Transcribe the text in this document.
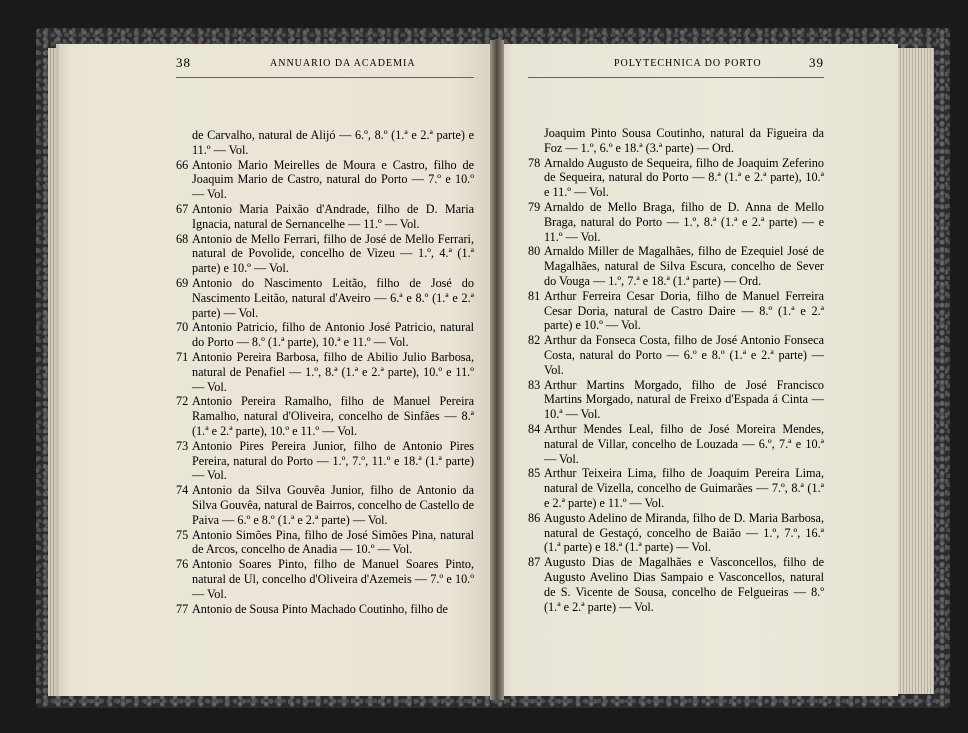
38	ANNUARIO DA ACADEMIA	POLYTECHNICA DO PORTO	39

de Carvalho, natural de Alijó — 6.º, 8.º (1.ª e 2.ª parte) e 11.º — Vol.

66 Antonio Mario Meirelles de Moura e Castro, filho de Joaquim Mario de Castro, natural do Porto — 7.º e 10.º — Vol.

67 Antonio Maria Paixão d'Andrade, filho de D. Maria Ignacia, natural de Sernancelhe — 11.º — Vol.

68 Antonio de Mello Ferrari, filho de José de Mello Ferrari, natural de Povolide, concelho de Vizeu — 1.º, 4.ª (1.ª parte) e 10.º — Vol.

69 Antonio do Nascimento Leitão, filho de José do Nascimento Leitão, natural d'Aveiro — 6.ª e 8.º (1.ª e 2.ª parte) — Vol.

70 Antonio Patricio, filho de Antonio José Patricio, natural do Porto — 8.º (1.ª parte), 10.ª e 11.º — Vol.

71 Antonio Pereira Barbosa, filho de Abilio Julio Barbosa, natural de Penafiel — 1.º, 8.ª (1.ª e 2.ª parte), 10.º e 11.º — Vol.

72 Antonio Pereira Ramalho, filho de Manuel Pereira Ramalho, natural d'Oliveira, concelho de Sinfães — 8.ª (1.ª e 2.ª parte), 10.º e 11.º — Vol.

73 Antonio Pires Pereira Junior, filho de Antonio Pires Pereira, natural do Porto — 1.º, 7.º, 11.º e 18.ª (1.ª parte) — Vol.

74 Antonio da Silva Gouvêa Junior, filho de Antonio da Silva Gouvêa, natural de Bairros, concelho de Castello de Paiva — 6.º e 8.º (1.ª e 2.ª parte) — Vol.

75 Antonio Simões Pina, filho de José Simões Pina, natural de Arcos, concelho de Anadia — 10.º — Vol.

76 Antonio Soares Pinto, filho de Manuel Soares Pinto, natural de Ul, concelho d'Oliveira d'Azemeis — 7.º e 10.º — Vol.

77 Antonio de Sousa Pinto Machado Coutinho, filho de

Joaquim Pinto Sousa Coutinho, natural da Figueira da Foz — 1.º, 6.º e 18.ª (3.ª parte) — Ord.

78 Arnaldo Augusto de Sequeira, filho de Joaquim Zeferino de Sequeira, natural do Porto — 8.ª (1.ª e 2.ª parte), 10.ª e 11.º — Vol.

79 Arnaldo de Mello Braga, filho de D. Anna de Mello Braga, natural do Porto — 1.º, 8.ª (1.ª e 2.ª parte) — e 11.º — Vol.

80 Arnaldo Miller de Magalhães, filho de Ezequiel José de Magalhães, natural de Silva Escura, concelho de Sever do Vouga — 1.º, 7.ª e 18.ª (1.ª parte) — Ord.

81 Arthur Ferreira Cesar Doria, filho de Manuel Ferreira Cesar Doria, natural de Castro Daire — 8.º (1.ª e 2.ª parte) e 10.º — Vol.

82 Arthur da Fonseca Costa, filho de José Antonio Fonseca Costa, natural do Porto — 6.º e 8.º (1.ª e 2.ª parte) — Vol.

83 Arthur Martins Morgado, filho de José Francisco Martins Morgado, natural de Freixo d'Espada á Cinta — 10.ª — Vol.

84 Arthur Mendes Leal, filho de José Moreira Mendes, natural de Villar, concelho de Louzada — 6.º, 7.ª e 10.ª — Vol.

85 Arthur Teixeira Lima, filho de Joaquim Pereira Lima, natural de Vizella, concelho de Guimarães — 7.º, 8.ª (1.ª e 2.ª parte) e 11.º — Vol.

86 Augusto Adelino de Miranda, filho de D. Maria Barbosa, natural de Gestaçó, concelho de Baião — 1.º, 7.º, 16.ª (1.ª parte) e 18.ª (1.ª parte) — Vol.

87 Augusto Dias de Magalhães e Vasconcellos, filho de Augusto Avelino Dias Sampaio e Vasconcellos, natural de S. Vicente de Sousa, concelho de Felgueiras — 8.º (1.ª e 2.ª parte) — Vol.
